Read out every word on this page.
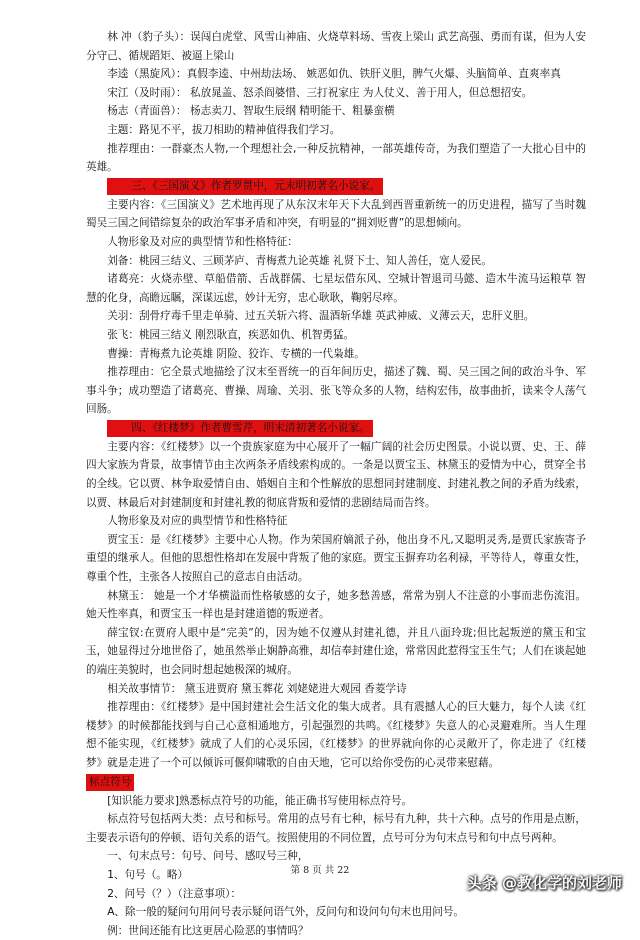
林 冲（豹子头）：误闯白虎堂、风雪山神庙、火烧草料场、雪夜上梁山 武艺高强、勇而有谋，但为人安分守己、循规蹈矩、被逼上梁山

李逵（黑旋风）：真假李逵、中州劫法场、 嫉恶如仇、铁肝义胆，脾气火爆、头脑简单、直爽率真

宋江（及时雨）： 私放晁盖、怒杀阎婆惜、三打祝家庄 为人仗义、善于用人，但总想招安。

杨志（青面兽）： 杨志卖刀、智取生辰纲 精明能干、粗暴蛮横

主题：路见不平，拔刀相助的精神值得我们学习。

推荐理由：一群豪杰人物,一个理想社会,一种反抗精神，一部英雄传奇，为我们塑造了一大批心目中的英雄。

三、《三国演义》作者罗贯中，元末明初著名小说家。

主要内容：《三国演义》艺术地再现了从东汉末年天下大乱到西晋重新统一的历史进程，描写了当时魏蜀吴三国之间错综复杂的政治军事矛盾和冲突，有明显的“拥刘贬曹”的思想倾向。

人物形象及对应的典型情节和性格特征：

刘备：桃园三结义、三顾茅庐、青梅煮九论英雄 礼贤下士、知人善任，宽人爱民。

诸葛亮：火烧赤壁、草船借箭、舌战群儒、七星坛借东风、空城计智退司马懿、造木牛流马运粮草 智慧的化身，高瞻远瞩，深谋远虑，妙计无穷，忠心耿耿，鞠躬尽瘁。

关羽：刮骨疗毒千里走单骑、过五关斩六将、温酒斩华雄 英武神威、义薄云天，忠肝义胆。

张飞：桃园三结义 刚烈耿直，疾恶如仇、机智勇猛。

曹操：青梅煮九论英雄 阴险、狡诈、专横的一代枭雄。

推荐理由：它全景式地描绘了汉末至晋统一的百年间历史，描述了魏、蜀、吴三国之间的政治斗争、军事斗争；成功塑造了诸葛亮、曹操、周瑜、关羽、张飞等众多的人物，结构宏伟，故事曲折，读来令人荡气回肠。

四、《红楼梦》作者曹雪芹，明末清初著名小说家。

主要内容：《红楼梦》以一个贵族家庭为中心展开了一幅广阔的社会历史图景。小说以贾、史、王、薛四大家族为背景，故事情节由主次两条矛盾线索构成的。一条是以贾宝玉、林黛玉的爱情为中心，贯穿全书的全线。它以贾、林争取爱情自由、婚姻自主和个性解放的思想同封建制度、封建礼教之间的矛盾为线索，以贾、林最后对封建制度和封建礼教的彻底背叛和爱情的悲剧结局而告终。

人物形象及对应的典型情节和性格特征

贾宝玉：是《红楼梦》主要中心人物。作为荣国府嫡派子孙，他出身不凡,又聪明灵秀,是贾氏家族寄予重望的继承人。但他的思想性格却在发展中背叛了他的家庭。贾宝玉摒弃功名利禄，平等待人，尊重女性，尊重个性，主张各人按照自己的意志自由活动。

林黛玉： 她是一个才华横溢而性格敏感的女子，她多愁善感，常常为别人不注意的小事而悲伤流泪。她天性率真，和贾宝玉一样也是封建道德的叛逆者。

薛宝钗:在贾府人眼中是“完美”的，因为她不仅遵从封建礼德，并且八面玲珑;但比起叛逆的黛玉和宝玉，她显得过分地世俗了，她虽然举止娴静高雅，却信奉封建仕途，常常因此惹得宝玉生气；人们在谈起她的端庄美貌时，也会同时想起她极深的城府。

相关故事情节： 黛玉进贾府 黛玉葬花 刘姥姥进大观园 香菱学诗

推荐理由：《红楼梦》是中国封建社会生活文化的集大成者。具有震撼人心的巨大魅力，每个人读《红楼梦》的时候都能找到与自己心意相通地方，引起强烈的共鸣。《红楼梦》失意人的心灵避难所。当人生理想不能实现，《红楼梦》就成了人们的心灵乐园，《红楼梦》的世界就向你的心灵敞开了，你走进了《红楼梦》就是走进了一个可以倾诉可偃仰啸歌的自由天地，它可以给你受伤的心灵带来慰藉。

标点符号

[知识能力要求]熟悉标点符号的功能，能正确书写使用标点符号。

标点符号包括两大类：点号和标号。常用的点号有七种，标号有九种，共十六种。点号的作用是点断，主要表示语句的停顿、语句关系的语气。按照使用的不同位置，点号可分为句末点号和句中点号两种。

一、句末点号：句号、问号、感叹号三种，

1、句号（。略）

2、问号（？）（注意事项）：

A、除一般的疑问句用问号表示疑问语气外，反问句和设问句句末也用问号。

例：世间还能有比这更居心险恶的事情吗？

第 8 页 共 22
头条 @教化学的刘老师
